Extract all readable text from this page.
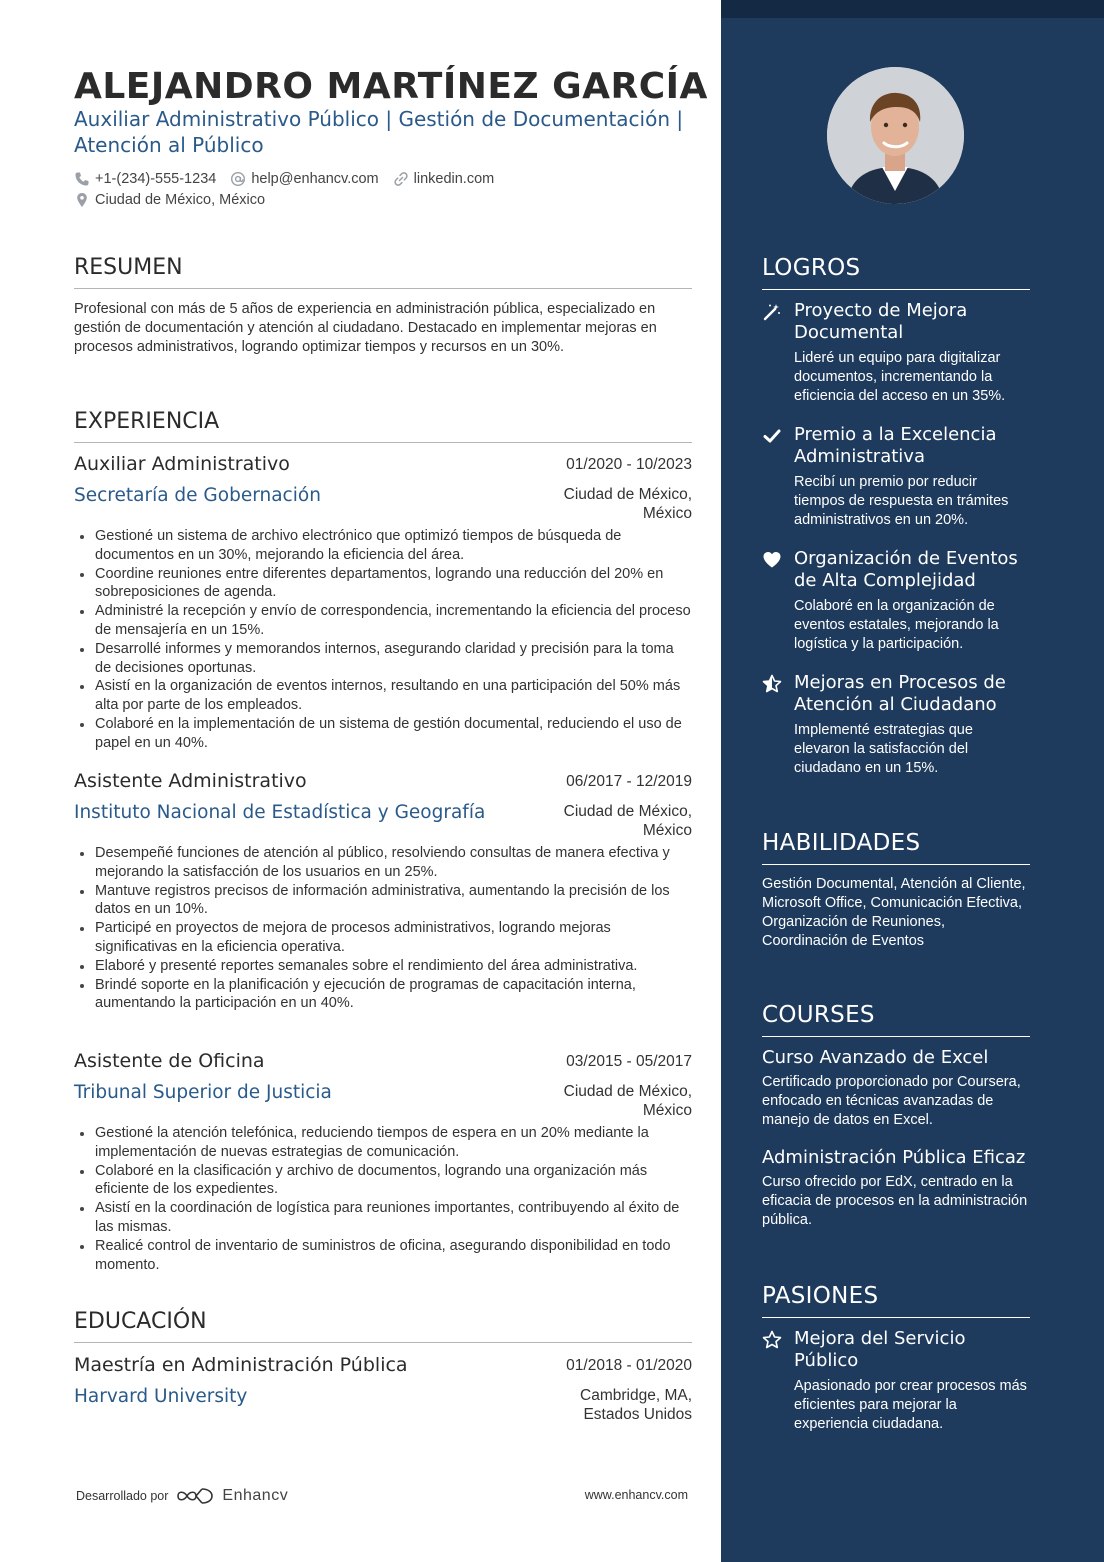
ALEJANDRO MARTÍNEZ GARCÍA
Auxiliar Administrativo Público | Gestión de Documentación |
Atención al Público
+1-(234)-555-1234 help@enhancv.com linkedin.com
Ciudad de México, México
RESUMEN
Profesional con más de 5 años de experiencia en administración pública, especializado en gestión de documentación y atención al ciudadano. Destacado en implementar mejoras en procesos administrativos, logrando optimizar tiempos y recursos en un 30%.
EXPERIENCIA
Auxiliar Administrativo	01/2020 - 10/2023
Secretaría de Gobernación	Ciudad de México,
México
Gestioné un sistema de archivo electrónico que optimizó tiempos de búsqueda de documentos en un 30%, mejorando la eficiencia del área.
Coordine reuniones entre diferentes departamentos, logrando una reducción del 20% en sobreposiciones de agenda.
Administré la recepción y envío de correspondencia, incrementando la eficiencia del proceso de mensajería en un 15%.
Desarrollé informes y memorandos internos, asegurando claridad y precisión para la toma de decisiones oportunas.
Asistí en la organización de eventos internos, resultando en una participación del 50% más alta por parte de los empleados.
Colaboré en la implementación de un sistema de gestión documental, reduciendo el uso de papel en un 40%.
Asistente Administrativo	06/2017 - 12/2019
Instituto Nacional de Estadística y Geografía	Ciudad de México,
México
Desempeñé funciones de atención al público, resolviendo consultas de manera efectiva y mejorando la satisfacción de los usuarios en un 25%.
Mantuve registros precisos de información administrativa, aumentando la precisión de los datos en un 10%.
Participé en proyectos de mejora de procesos administrativos, logrando mejoras significativas en la eficiencia operativa.
Elaboré y presenté reportes semanales sobre el rendimiento del área administrativa.
Brindé soporte en la planificación y ejecución de programas de capacitación interna, aumentando la participación en un 40%.
Asistente de Oficina	03/2015 - 05/2017
Tribunal Superior de Justicia	Ciudad de México,
México
Gestioné la atención telefónica, reduciendo tiempos de espera en un 20% mediante la implementación de nuevas estrategias de comunicación.
Colaboré en la clasificación y archivo de documentos, logrando una organización más eficiente de los expedientes.
Asistí en la coordinación de logística para reuniones importantes, contribuyendo al éxito de las mismas.
Realicé control de inventario de suministros de oficina, asegurando disponibilidad en todo momento.
EDUCACIÓN
Maestría en Administración Pública	01/2018 - 01/2020
Harvard University	Cambridge, MA,
Estados Unidos
Desarrollado por	Enhancv	www.enhancv.com
LOGROS
Proyecto de Mejora Documental
Lideré un equipo para digitalizar documentos, incrementando la eficiencia del acceso en un 35%.
Premio a la Excelencia Administrativa
Recibí un premio por reducir tiempos de respuesta en trámites administrativos en un 20%.
Organización de Eventos de Alta Complejidad
Colaboré en la organización de eventos estatales, mejorando la logística y la participación.
Mejoras en Procesos de Atención al Ciudadano
Implementé estrategias que elevaron la satisfacción del ciudadano en un 15%.
HABILIDADES
Gestión Documental, Atención al Cliente, Microsoft Office, Comunicación Efectiva, Organización de Reuniones, Coordinación de Eventos
COURSES
Curso Avanzado de Excel
Certificado proporcionado por Coursera, enfocado en técnicas avanzadas de manejo de datos en Excel.
Administración Pública Eficaz
Curso ofrecido por EdX, centrado en la eficacia de procesos en la administración pública.
PASIONES
Mejora del Servicio Público
Apasionado por crear procesos más eficientes para mejorar la experiencia ciudadana.
